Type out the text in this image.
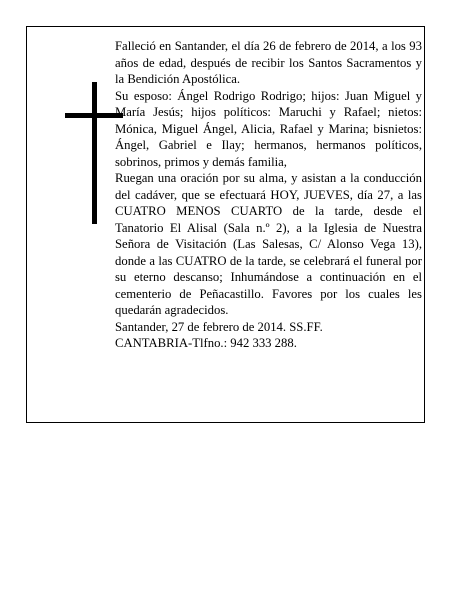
Falleció en Santander, el día 26 de febrero de 2014, a los 93 años de edad, después de recibir los Santos Sacramentos y la Bendición Apostólica.

Su esposo: Ángel Rodrigo Rodrigo; hijos: Juan Miguel y María Jesús; hijos políticos: Maruchi y Rafael; nietos: Mónica, Miguel Ángel, Alicia, Rafael y Marina; bisnietos: Ángel, Gabriel e Ilay; hermanos, hermanos políticos, sobrinos, primos y demás familia,

Ruegan una oración por su alma, y asistan a la conducción del cadáver, que se efectuará HOY, JUEVES, día 27, a las CUATRO MENOS CUARTO de la tarde, desde el Tanatorio El Alisal (Sala n.º 2), a la Iglesia de Nuestra Señora de Visitación (Las Salesas, C/ Alonso Vega 13), donde a las CUATRO de la tarde, se celebrará el funeral por su eterno descanso; Inhumándose a continuación en el cementerio de Peñacastillo. Favores por los cuales les quedarán agradecidos.

Santander, 27 de febrero de 2014. SS.FF.

CANTABRIA-Tlfno.: 942 333 288.
